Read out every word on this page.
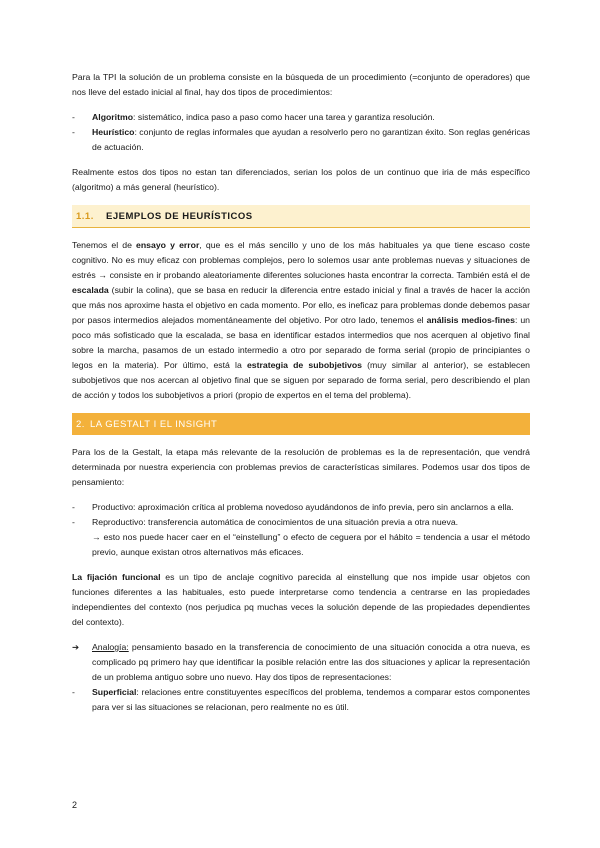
Para la TPI la solución de un problema consiste en la búsqueda de un procedimiento (=conjunto de operadores) que nos lleve del estado inicial al final, hay dos tipos de procedimientos:

- Algoritmo: sistemático, indica paso a paso como hacer una tarea y garantiza resolución.
- Heurístico: conjunto de reglas informales que ayudan a resolverlo pero no garantizan éxito. Son reglas genéricas de actuación.

Realmente estos dos tipos no estan tan diferenciados, serian los polos de un continuo que iria de más específico (algoritmo) a más general (heurístico).

1.1.	EJEMPLOS DE HEURÍSTICOS

Tenemos el de ensayo y error, que es el más sencillo y uno de los más habituales ya que tiene escaso coste cognitivo. No es muy eficaz con problemas complejos, pero lo solemos usar ante problemas nuevas y situaciones de estrés → consiste en ir probando aleatoriamente diferentes soluciones hasta encontrar la correcta. También está el de escalada (subir la colina), que se basa en reducir la diferencia entre estado inicial y final a través de hacer la acción que más nos aproxime hasta el objetivo en cada momento. Por ello, es ineficaz para problemas donde debemos pasar por pasos intermedios alejados momentáneamente del objetivo. Por otro lado, tenemos el análisis medios-fines: un poco más sofisticado que la escalada, se basa en identificar estados intermedios que nos acerquen al objetivo final sobre la marcha, pasamos de un estado intermedio a otro por separado de forma serial (propio de principiantes o legos en la materia). Por último, está la estrategia de subobjetivos (muy similar al anterior), se establecen subobjetivos que nos acercan al objetivo final que se siguen por separado de forma serial, pero describiendo el plan de acción y todos los subobjetivos a priori (propio de expertos en el tema del problema).

2. LA GESTALT I EL INSIGHT

Para los de la Gestalt, la etapa más relevante de la resolución de problemas es la de representación, que vendrá determinada por nuestra experiencia con problemas previos de características similares. Podemos usar dos tipos de pensamiento:

- Productivo: aproximación crítica al problema novedoso ayudándonos de info previa, pero sin anclarnos a ella.
- Reproductivo: transferencia automática de conocimientos de una situación previa a otra nueva.
→ esto nos puede hacer caer en el “einstellung” o efecto de ceguera por el hábito = tendencia a usar el método previo, aunque existan otros alternativos más eficaces.

La fijación funcional es un tipo de anclaje cognitivo parecida al einstellung que nos impide usar objetos con funciones diferentes a las habituales, esto puede interpretarse como tendencia a centrarse en las propiedades independientes del contexto (nos perjudica pq muchas veces la solución depende de las propiedades dependientes del contexto).

➔ Analogía: pensamiento basado en la transferencia de conocimiento de una situación conocida a otra nueva, es complicado pq primero hay que identificar la posible relación entre las dos situaciones y aplicar la representación de un problema antiguo sobre uno nuevo. Hay dos tipos de representaciones:

- Superficial: relaciones entre constituyentes específicos del problema, tendemos a comparar estos componentes para ver si las situaciones se relacionan, pero realmente no es útil.
2
